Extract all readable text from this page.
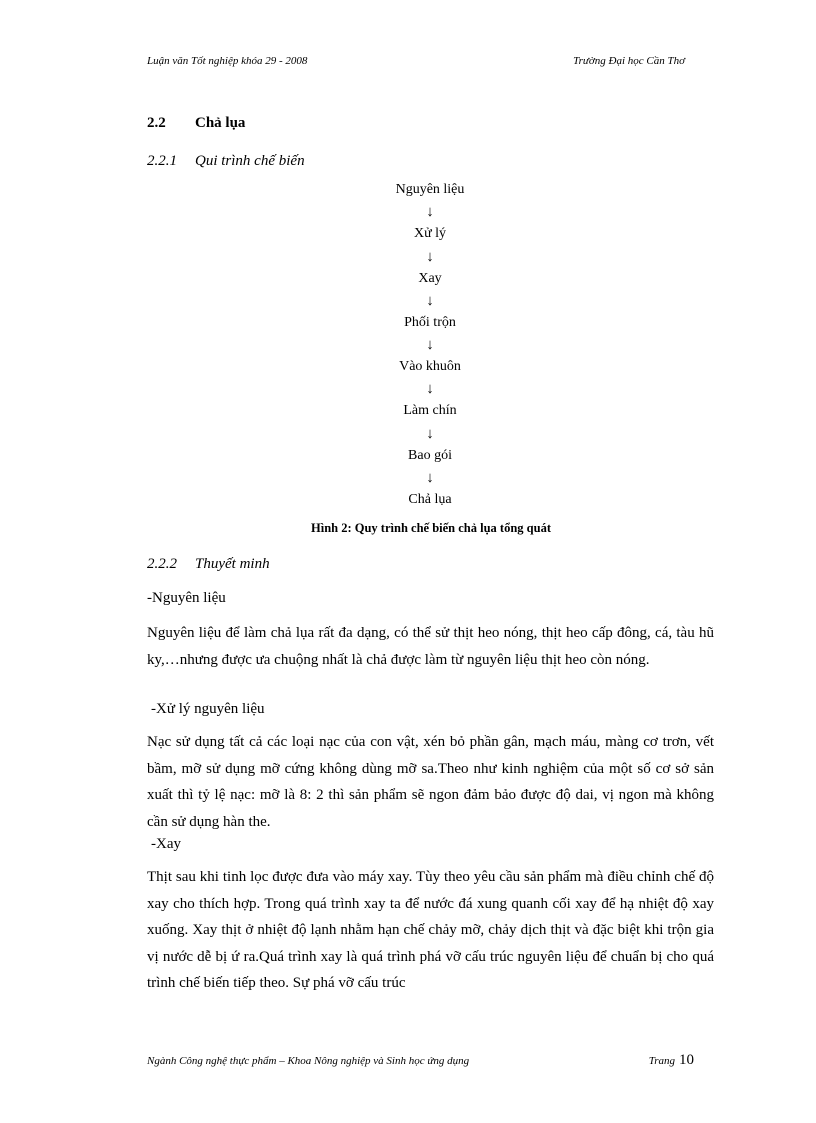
Luận văn Tốt nghiệp khóa 29 - 2008	Trường Đại học Cần Thơ
2.2 Chả lụa
2.2.1 Qui trình chế biến
Nguyên liệu
↓
Xử lý
↓
Xay
↓
Phối trộn
↓
Vào khuôn
↓
Làm chín
↓
Bao gói
↓
Chả lụa
Hình 2: Quy trình chế biến chả lụa tổng quát
2.2.2 Thuyết minh
-Nguyên liệu
Nguyên liệu để làm chả lụa rất đa dạng, có thể sử thịt heo nóng, thịt heo cấp đông, cá, tàu hũ ky,…nhưng được ưa chuộng nhất là chả được làm từ nguyên liệu thịt heo còn nóng.
-Xử lý nguyên liệu
Nạc sử dụng tất cả các loại nạc của con vật, xén bỏ phần gân, mạch máu, màng cơ trơn, vết bầm, mỡ sử dụng mỡ cứng không dùng mỡ sa.Theo như kinh nghiệm của một số cơ sở sản xuất thì tỷ lệ nạc: mỡ là 8: 2 thì sản phẩm sẽ ngon đảm bảo được độ dai, vị ngon mà không cần sử dụng hàn the.
-Xay
Thịt sau khi tinh lọc được đưa vào máy xay. Tùy theo yêu cầu sản phẩm mà điều chỉnh chế độ xay cho thích hợp. Trong quá trình xay ta để nước đá xung quanh cối xay để hạ nhiệt độ xay xuống. Xay thịt ở nhiệt độ lạnh nhằm hạn chế chảy mỡ, chảy dịch thịt và đặc biệt khi trộn gia vị nước dễ bị ứ ra.Quá trình xay là quá trình phá vỡ cấu trúc nguyên liệu để chuẩn bị cho quá trình chế biến tiếp theo. Sự phá vỡ cấu trúc
Ngành Công nghệ thực phẩm – Khoa Nông nghiệp và Sinh học ứng dụng	Trang 10
